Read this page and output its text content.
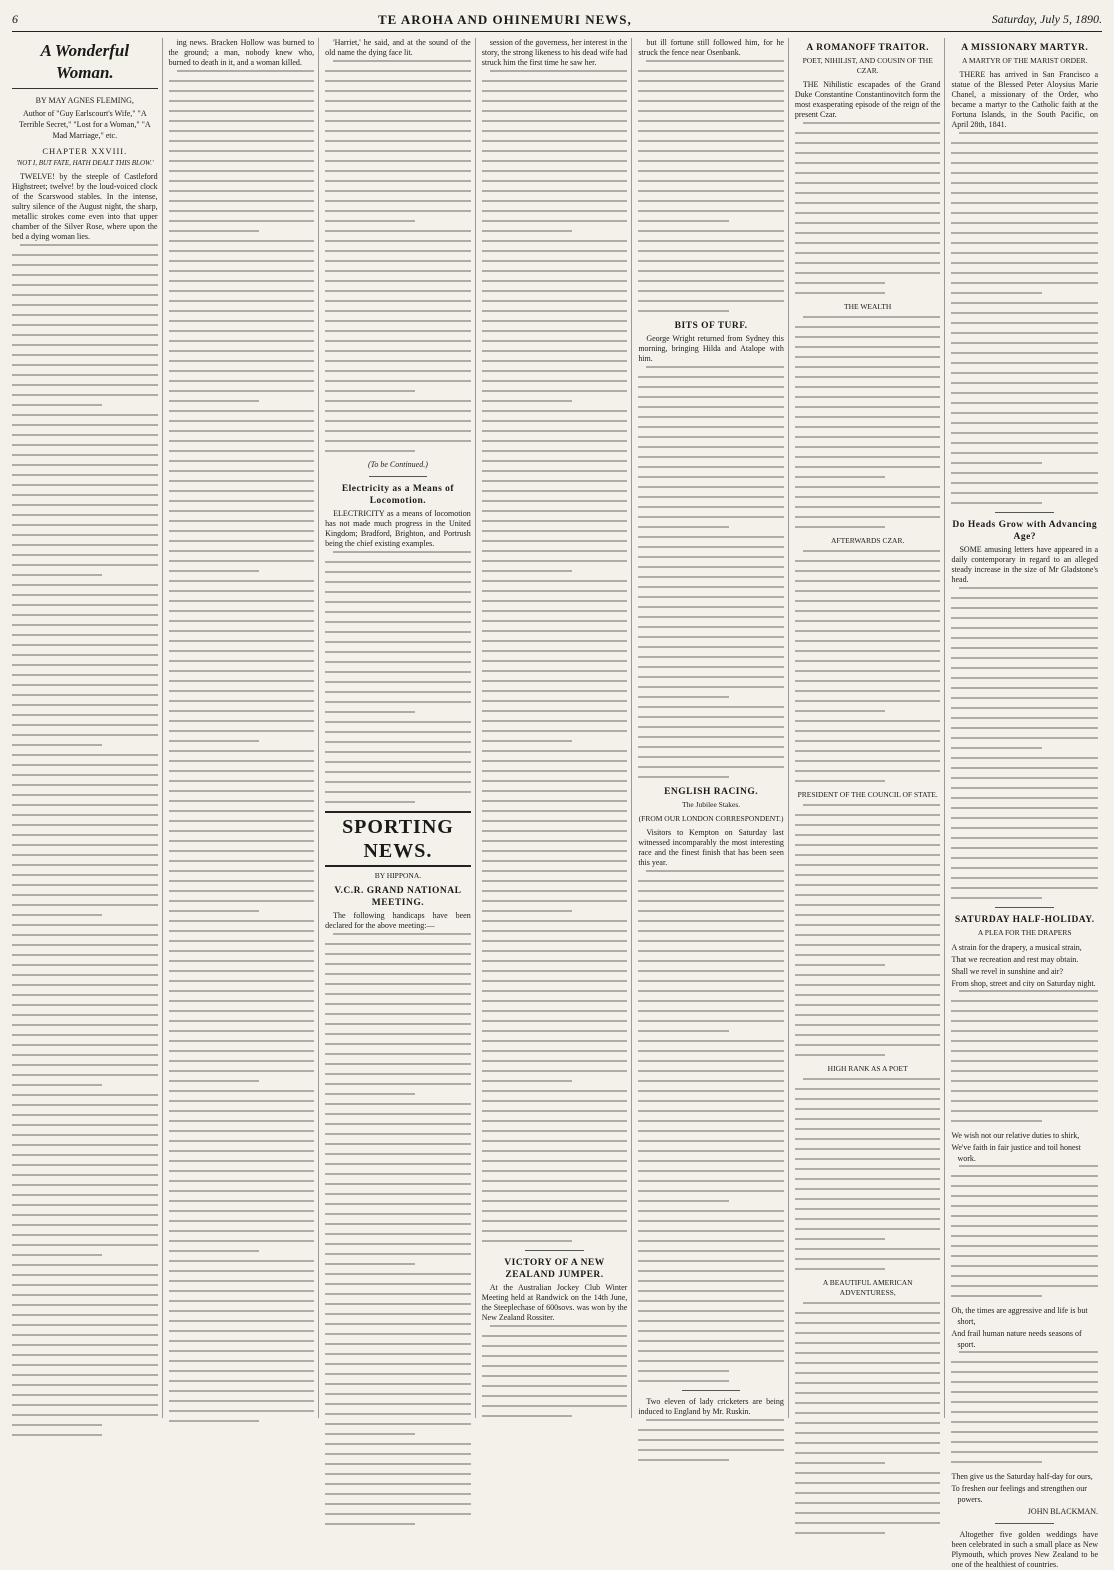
6	TE AROHA AND OHINEMURI NEWS,	Saturday, July 5, 1890.
A Wonderful Woman.
BY MAY AGNES FLEMING,
Author of "Guy Earlscourt's Wife," "A Terrible Secret," "Lost for a Woman," "A Mad Marriage," etc.
CHAPTER XXVIII.
'NOT I, BUT FATE, HATH DEALT THIS BLOW.'

TWELVE! by the steeple of Castleford Highstreet; twelve! by the loud-voiced clock of the Scarswood stables. In the intense, sultry silence of the August night, the sharp, metallic strokes come even into that upper chamber of the Silver Rose, where upon the bed a dying woman lies.

ing news. Bracken Hollow was burned to the ground; a man, nobody knew who, burned to death in it, and a woman killed.

'Harriet,' he said, and at the sound of the old name the dying face lit.

(To be Continued.)
Electricity as a Means of Locomotion.

ELECTRICITY as a means of locomotion has not made much progress in the United Kingdom; Bradford, Brighton, and Portrush being the chief existing examples.

SPORTING NEWS.
BY HIPPONA.
V.C.R. GRAND NATIONAL MEETING.

The following handicaps have been declared for the above meeting:—

session of the governess, her interest in the story, the strong likeness to his dead wife had struck him the first time he saw her.

VICTORY OF A NEW ZEALAND JUMPER.

At the Australian Jockey Club Winter Meeting held at Randwick on the 14th June, the Steeplechase of 600sovs. was won by the New Zealand Rossiter.

but ill fortune still followed him, for he struck the fence near Osenbank.

BITS OF TURF.

George Wright returned from Sydney this morning, bringing Hilda and Atalope with him.

ENGLISH RACING.
The Jubilee Stakes.
(FROM OUR LONDON CORRESPONDENT.)

Visitors to Kempton on Saturday last witnessed incomparably the most interesting race and the finest finish that has been seen this year.

Two eleven of lady cricketers are being induced to England by Mr. Ruskin.

A ROMANOFF TRAITOR.
POET, NIHILIST, AND COUSIN OF THE CZAR.

THE Nihilistic escapades of the Grand Duke Constantine Constantinovitch form the most exasperating episode of the reign of the present Czar.

THE WEALTH
AFTERWARDS CZAR.
PRESIDENT OF THE COUNCIL OF STATE.
HIGH RANK AS A POET
A BEAUTIFUL AMERICAN ADVENTURESS,
A MISSIONARY MARTYR.
A MARTYR OF THE MARIST ORDER.

THERE has arrived in San Francisco a statue of the Blessed Peter Aloysius Marie Chanel, a missionary of the Order, who became a martyr to the Catholic faith at the Fortuna Islands, in the South Pacific, on April 28th, 1841.

Do Heads Grow with Advancing Age?

SOME amusing letters have appeared in a daily contemporary in regard to an alleged steady increase in the size of Mr Gladstone's head.

SATURDAY HALF-HOLIDAY.
A PLEA FOR THE DRAPERS
A strain for the drapery, a musical strain,
That we recreation and rest may obtain.
Shall we revel in sunshine and air?
From shop, street and city on Saturday night.
We wish not our relative duties to shirk,
We've faith in fair justice and toil honest work.
Oh, the times are aggressive and life is but short,
And frail human nature needs seasons of sport.
Then give us the Saturday half-day for ours,
To freshen our feelings and strengthen our powers.
JOHN BLACKMAN.

Altogether five golden weddings have been celebrated in such a small place as New Plymouth, which proves New Zealand to be one of the healthiest of countries.
